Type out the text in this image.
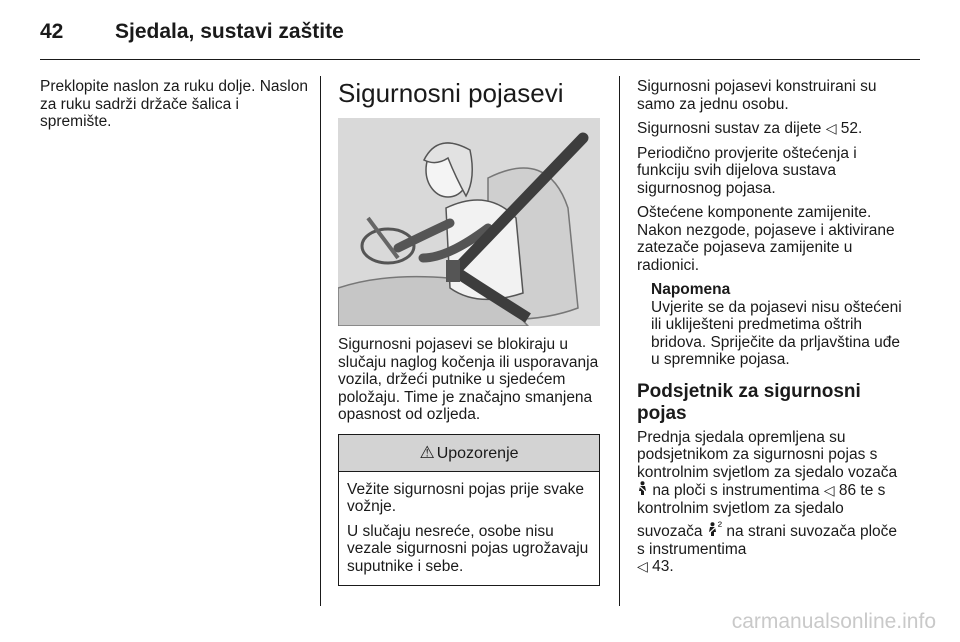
42 Sjedala, sustavi zaštite

Preklopite naslon za ruku dolje. Naslon za ruku sadrži držače šalica i spremište.

Sigurnosni pojasevi

Sigurnosni pojasevi se blokiraju u slučaju naglog kočenja ili usporavanja vozila, držeći putnike u sjedećem položaju. Time je značajno smanjena opasnost od ozljeda.

⚠ Upozorenje

Vežite sigurnosni pojas prije svake vožnje.

U slučaju nesreće, osobe nisu vezale sigurnosni pojas ugrožavaju suputnike i sebe.

Sigurnosni pojasevi konstruirani su samo za jednu osobu.

Sigurnosni sustav za dijete ◁ 52.

Periodično provjerite oštećenja i funkciju svih dijelova sustava sigurnosnog pojasa.

Oštećene komponente zamijenite. Nakon nezgode, pojaseve i aktivirane zatezače pojaseva zamijenite u radionici.

Napomena
Uvjerite se da pojasevi nisu oštećeni ili ukliješteni predmetima oštrih bridova. Spriječite da prljavština uđe u spremnike pojasa.
Podsjetnik za sigurnosni pojas

Prednja sjedala opremljena su podsjetnikom za sigurnosni pojas s kontrolnim svjetlom za sjedalo vozača  na ploči s instrumentima ◁ 86 te s kontrolnim svjetlom za sjedalo suvozača $^{^2}$ na strani suvozača ploče s instrumentima
◁ 43.

carmanualsonline.info
